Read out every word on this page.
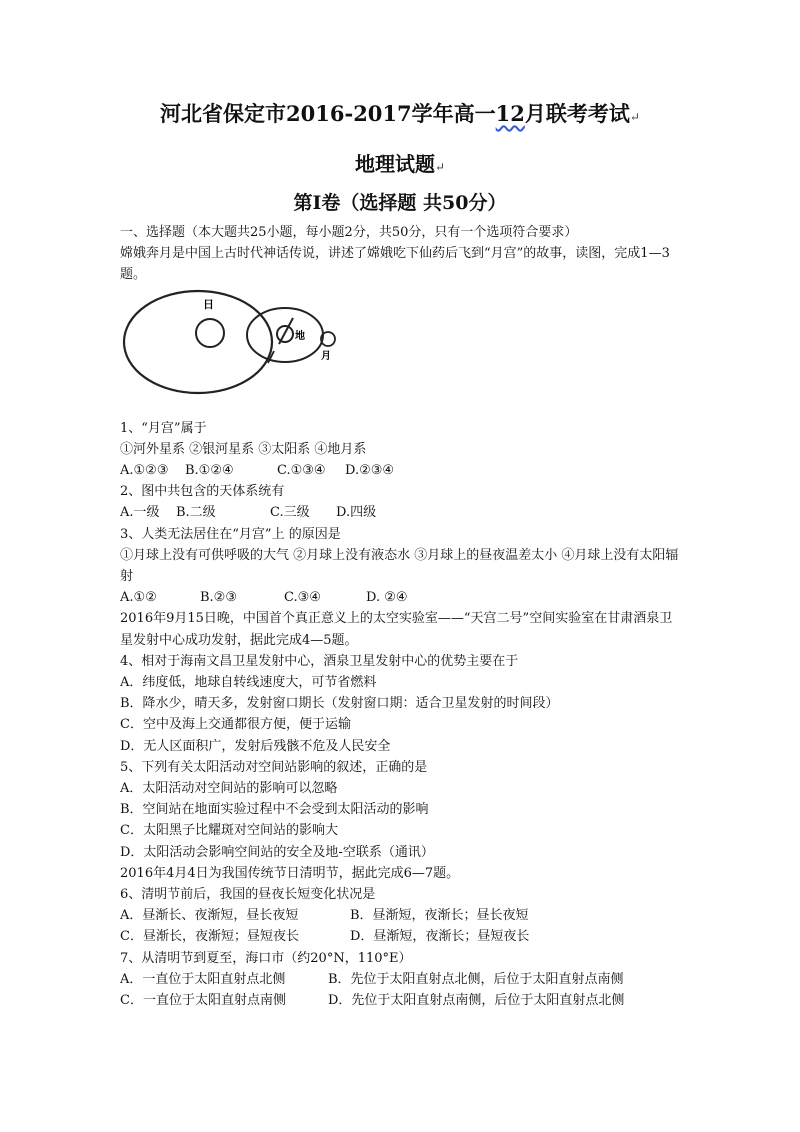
河北省保定市2016-2017学年高一12月联考考试↵
地理试题↵
第Ⅰ卷（选择题 共50分）
一、选择题（本大题共25小题，每小题2分，共50分，只有一个选项符合要求）
嫦娥奔月是中国上古时代神话传说，讲述了嫦娥吃下仙药后飞到“月宫”的故事，读图，完成1—3题。
日
地
月
1、“月宫”属于
①河外星系 ②银河星系 ③太阳系 ④地月系
A.①②③ B.①②④	C.①③④ D.②③④
2、图中共包含的天体系统有
A.一级 B.二级	C.三级 D.四级
3、人类无法居住在“月宫”上 的原因是
①月球上没有可供呼吸的大气 ②月球上没有液态水 ③月球上的昼夜温差太小 ④月球上没有太阳辐射
A.①②	B.②③	C.③④	D. ②④
2016年9月15日晚，中国首个真正意义上的太空实验室——“天宫二号”空间实验室在甘肃酒泉卫星发射中心成功发射，据此完成4—5题。
4、相对于海南文昌卫星发射中心，酒泉卫星发射中心的优势主要在于
A．纬度低，地球自转线速度大，可节省燃料
B．降水少，晴天多，发射窗口期长（发射窗口期：适合卫星发射的时间段）
C．空中及海上交通都很方便，便于运输
D．无人区面积广，发射后残骸不危及人民安全
5、下列有关太阳活动对空间站影响的叙述，正确的是
A．太阳活动对空间站的影响可以忽略
B．空间站在地面实验过程中不会受到太阳活动的影响
C．太阳黑子比耀斑对空间站的影响大
D．太阳活动会影响空间站的安全及地-空联系（通讯）
2016年4月4日为我国传统节日清明节，据此完成6—7题。
6、清明节前后，我国的昼夜长短变化状况是
A．昼渐长、夜渐短，昼长夜短	B．昼渐短，夜渐长；昼长夜短
C．昼渐长，夜渐短；昼短夜长	D．昼渐短，夜渐长；昼短夜长
7、从清明节到夏至，海口市（约20°N，110°E）
A．一直位于太阳直射点北侧	B．先位于太阳直射点北侧，后位于太阳直射点南侧
C．一直位于太阳直射点南侧	D．先位于太阳直射点南侧，后位于太阳直射点北侧
